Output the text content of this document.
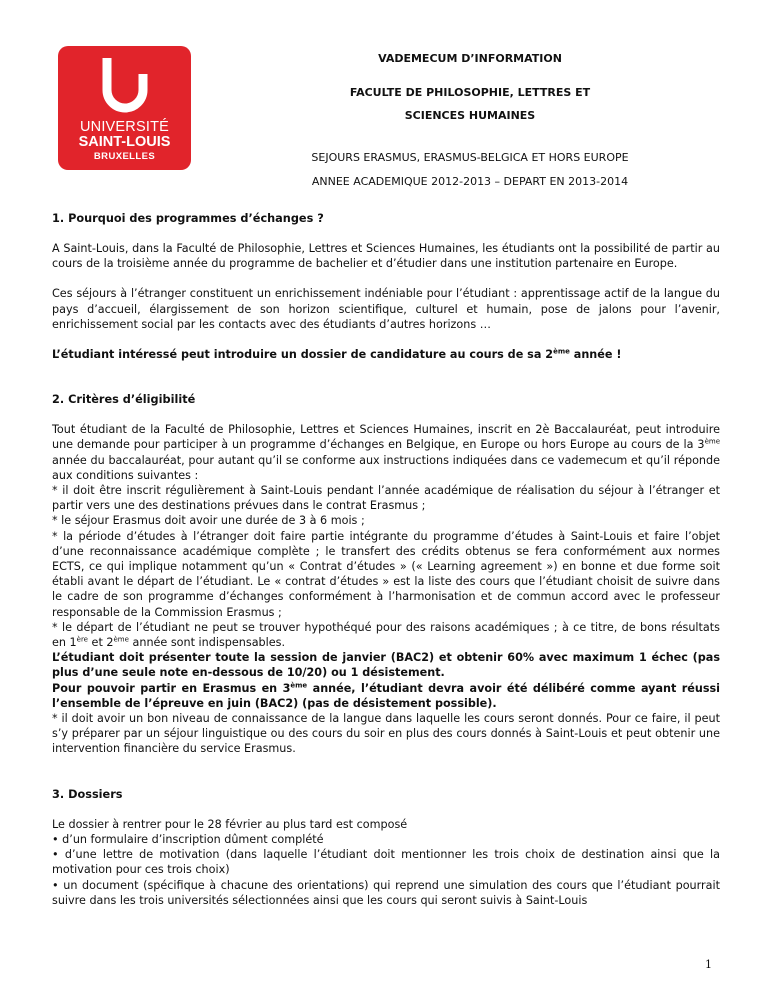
UNIVERSITÉ
SAINT-LOUIS
BRUXELLES
VADEMECUM D’INFORMATION
FACULTE DE PHILOSOPHIE, LETTRES ET
SCIENCES HUMAINES
SEJOURS ERASMUS, ERASMUS-BELGICA ET HORS EUROPE
ANNEE ACADEMIQUE 2012-2013 – DEPART EN 2013-2014
1. Pourquoi des programmes d’échanges ?

A Saint-Louis, dans la Faculté de Philosophie, Lettres et Sciences Humaines, les étudiants ont la possibilité de partir au cours de la troisième année du programme de bachelier et d’étudier dans une institution partenaire en Europe.

Ces séjours à l’étranger constituent un enrichissement indéniable pour l’étudiant : apprentissage actif de la langue du pays d’accueil, élargissement de son horizon scientifique, culturel et humain, pose de jalons pour l’avenir, enrichissement social par les contacts avec des étudiants d’autres horizons …

L’étudiant intéressé peut introduire un dossier de candidature au cours de sa 2ème année !

2. Critères d’éligibilité

Tout étudiant de la Faculté de Philosophie, Lettres et Sciences Humaines, inscrit en 2è Baccalauréat, peut introduire une demande pour participer à un programme d’échanges en Belgique, en Europe ou hors Europe au cours de la 3ème année du baccalauréat, pour autant qu’il se conforme aux instructions indiquées dans ce vademecum et qu’il réponde aux conditions suivantes :

* il doit être inscrit régulièrement à Saint-Louis pendant l’année académique de réalisation du séjour à l’étranger et partir vers une des destinations prévues dans le contrat Erasmus ;

* le séjour Erasmus doit avoir une durée de 3 à 6 mois ;

* la période d’études à l’étranger doit faire partie intégrante du programme d’études à Saint-Louis et faire l’objet d’une reconnaissance académique complète ; le transfert des crédits obtenus se fera conformément aux normes ECTS, ce qui implique notamment qu’un « Contrat d’études » (« Learning agreement ») en bonne et due forme soit établi avant le départ de l’étudiant. Le « contrat d’études » est la liste des cours que l’étudiant choisit de suivre dans le cadre de son programme d’échanges conformément à l’harmonisation et de commun accord avec le professeur responsable de la Commission Erasmus ;

* le départ de l’étudiant ne peut se trouver hypothéqué pour des raisons académiques ; à ce titre, de bons résultats en 1ère et 2ème année sont indispensables.

L’étudiant doit présenter toute la session de janvier (BAC2) et obtenir 60% avec maximum 1 échec (pas plus d’une seule note en-dessous de 10/20) ou 1 désistement.

Pour pouvoir partir en Erasmus en 3ème année, l’étudiant devra avoir été délibéré comme ayant réussi l’ensemble de l’épreuve en juin (BAC2) (pas de désistement possible).

* il doit avoir un bon niveau de connaissance de la langue dans laquelle les cours seront donnés. Pour ce faire, il peut s’y préparer par un séjour linguistique ou des cours du soir en plus des cours donnés à Saint-Louis et peut obtenir une intervention financière du service Erasmus.

3. Dossiers

Le dossier à rentrer pour le 28 février au plus tard est composé

• d’un formulaire d’inscription dûment complété

• d’une lettre de motivation (dans laquelle l’étudiant doit mentionner les trois choix de destination ainsi que la motivation pour ces trois choix)

• un document (spécifique à chacune des orientations) qui reprend une simulation des cours que l’étudiant pourrait suivre dans les trois universités sélectionnées ainsi que les cours qui seront suivis à Saint-Louis

1
